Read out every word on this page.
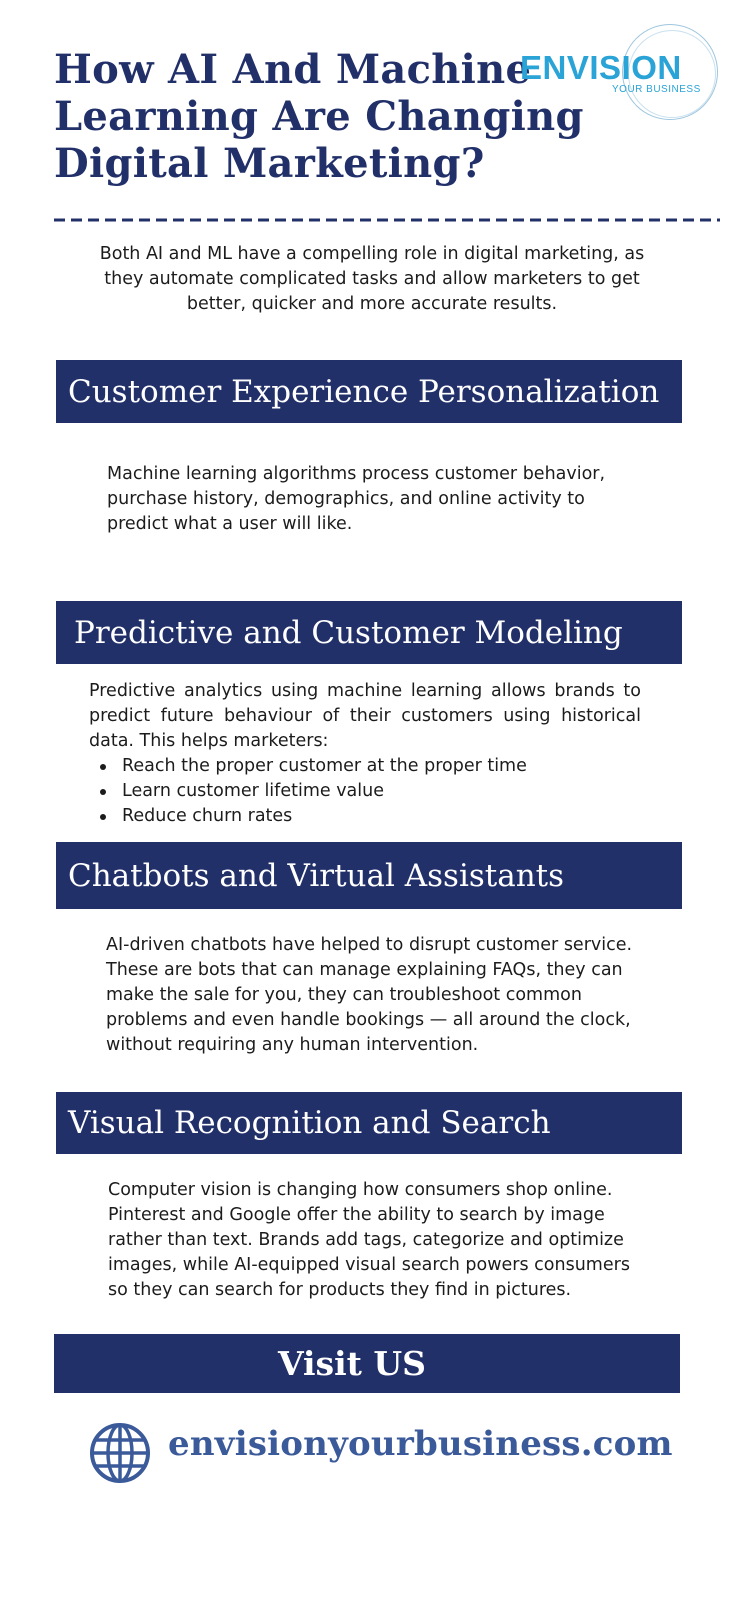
How AI And Machine
Learning Are Changing
Digital Marketing?
ENVISION
YOUR BUSINESS

Both AI and ML have a compelling role in digital marketing, as they automate complicated tasks and allow marketers to get better, quicker and more accurate results.

Customer Experience Personalization

Machine learning algorithms process customer behavior, purchase history, demographics, and online activity to predict what a user will like.

Predictive and Customer Modeling

Predictive analytics using machine learning allows brands to predict future behaviour of their customers using historical data. This helps marketers:

Reach the proper customer at the proper time
Learn customer lifetime value
Reduce churn rates
Chatbots and Virtual Assistants

AI-driven chatbots have helped to disrupt customer service. These are bots that can manage explaining FAQs, they can make the sale for you, they can troubleshoot common problems and even handle bookings — all around the clock, without requiring any human intervention.

Visual Recognition and Search

Computer vision is changing how consumers shop online. Pinterest and Google offer the ability to search by image rather than text. Brands add tags, categorize and optimize images, while AI-equipped visual search powers consumers so they can search for products they find in pictures.

Visit US
envisionyourbusiness.com
